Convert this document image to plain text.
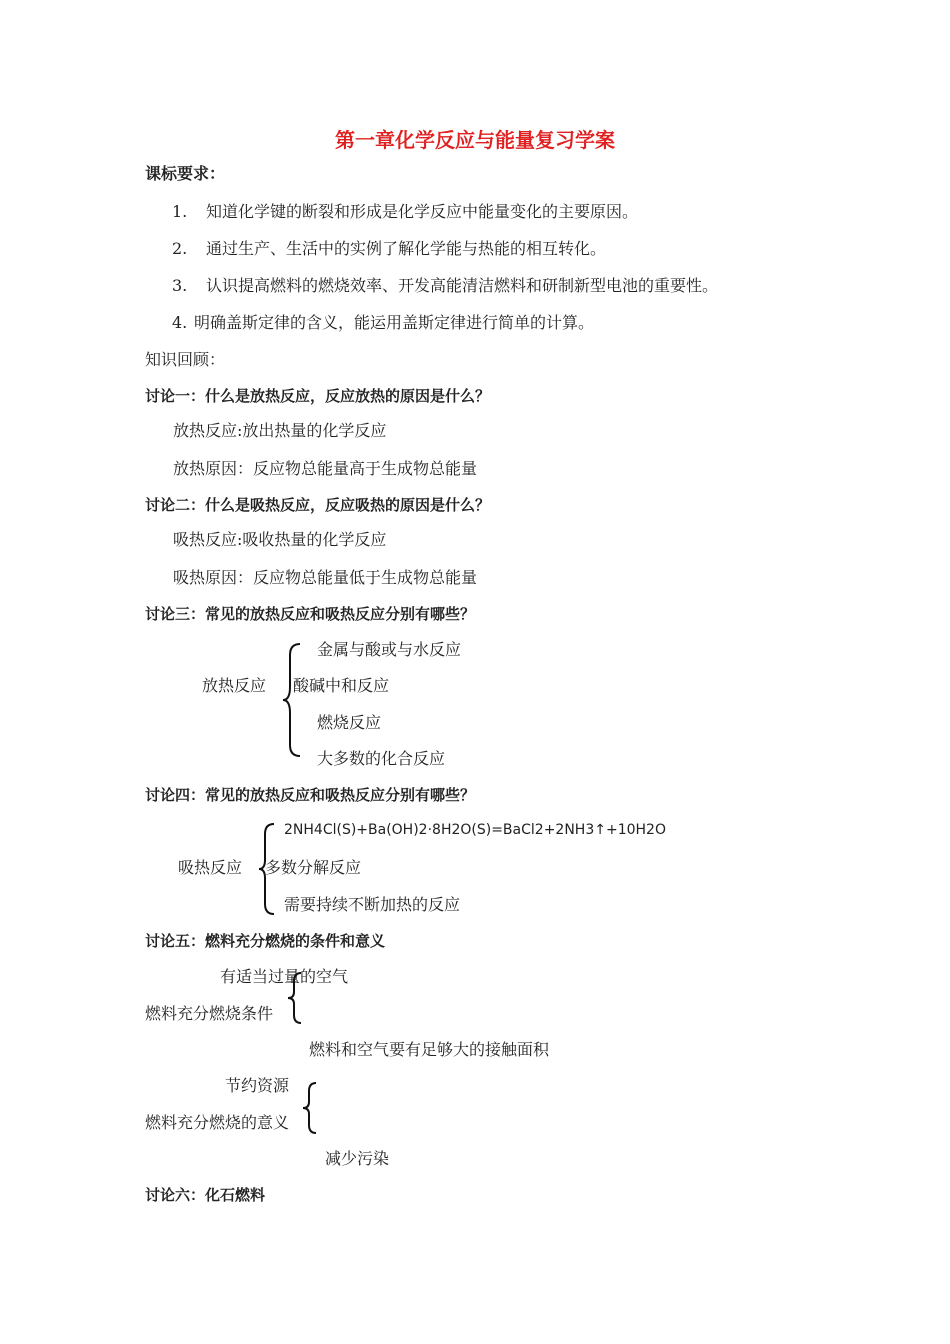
第一章化学反应与能量复习学案
课标要求：
1. 知道化学键的断裂和形成是化学反应中能量变化的主要原因。
2. 通过生产、生活中的实例了解化学能与热能的相互转化。
3. 认识提高燃料的燃烧效率、开发高能清洁燃料和研制新型电池的重要性。
4. 明确盖斯定律的含义，能运用盖斯定律进行简单的计算。
知识回顾：
讨论一：什么是放热反应，反应放热的原因是什么？
放热反应:放出热量的化学反应
放热原因：反应物总能量高于生成物总能量
讨论二：什么是吸热反应，反应吸热的原因是什么？
吸热反应:吸收热量的化学反应
吸热原因：反应物总能量低于生成物总能量
讨论三：常见的放热反应和吸热反应分别有哪些？
放热反应
金属与酸或与水反应
酸碱中和反应
燃烧反应
大多数的化合反应
讨论四：常见的放热反应和吸热反应分别有哪些？
吸热反应
2NH4Cl(S)+Ba(OH)2·8H2O(S)=BaCl2+2NH3↑+10H2O
多数分解反应
需要持续不断加热的反应
讨论五：燃料充分燃烧的条件和意义
有适当过量的空气
燃料充分燃烧条件
燃料和空气要有足够大的接触面积
节约资源
燃料充分燃烧的意义
减少污染
讨论六：化石燃料
